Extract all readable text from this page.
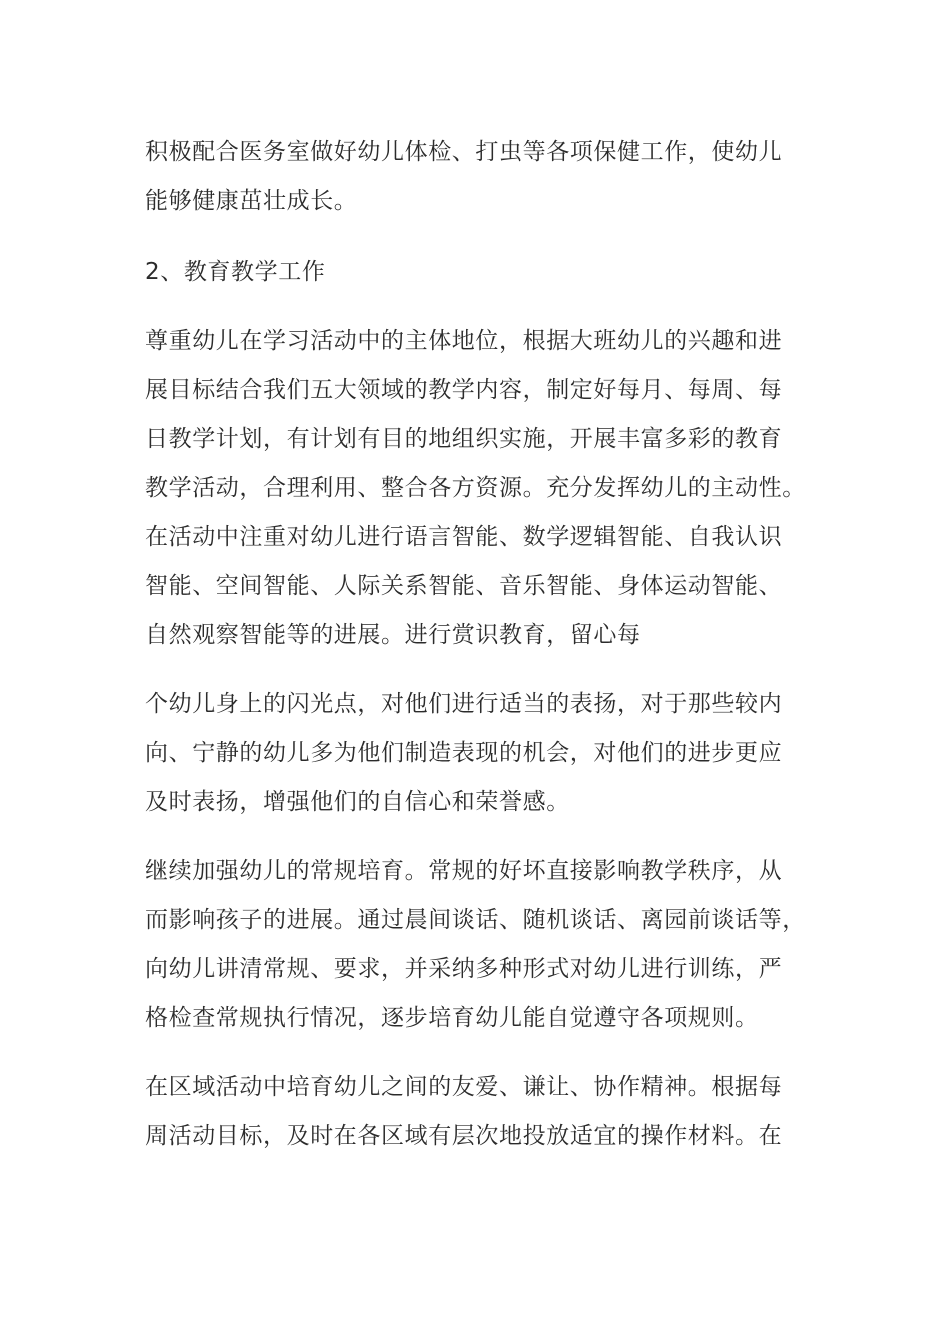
积极配合医务室做好幼儿体检、打虫等各项保健工作，使幼儿
能够健康茁壮成长。

2、教育教学工作

尊重幼儿在学习活动中的主体地位，根据大班幼儿的兴趣和进
展目标结合我们五大领域的教学内容，制定好每月、每周、每
日教学计划，有计划有目的地组织实施，开展丰富多彩的教育
教学活动，合理利用、整合各方资源。充分发挥幼儿的主动性。
在活动中注重对幼儿进行语言智能、数学逻辑智能、自我认识
智能、空间智能、人际关系智能、音乐智能、身体运动智能、
自然观察智能等的进展。进行赏识教育，留心每

个幼儿身上的闪光点，对他们进行适当的表扬，对于那些较内
向、宁静的幼儿多为他们制造表现的机会，对他们的进步更应
及时表扬，增强他们的自信心和荣誉感。

继续加强幼儿的常规培育。常规的好坏直接影响教学秩序，从
而影响孩子的进展。通过晨间谈话、随机谈话、离园前谈话等，
向幼儿讲清常规、要求，并采纳多种形式对幼儿进行训练，严
格检查常规执行情况，逐步培育幼儿能自觉遵守各项规则。

在区域活动中培育幼儿之间的友爱、谦让、协作精神。根据每
周活动目标，及时在各区域有层次地投放适宜的操作材料。在
